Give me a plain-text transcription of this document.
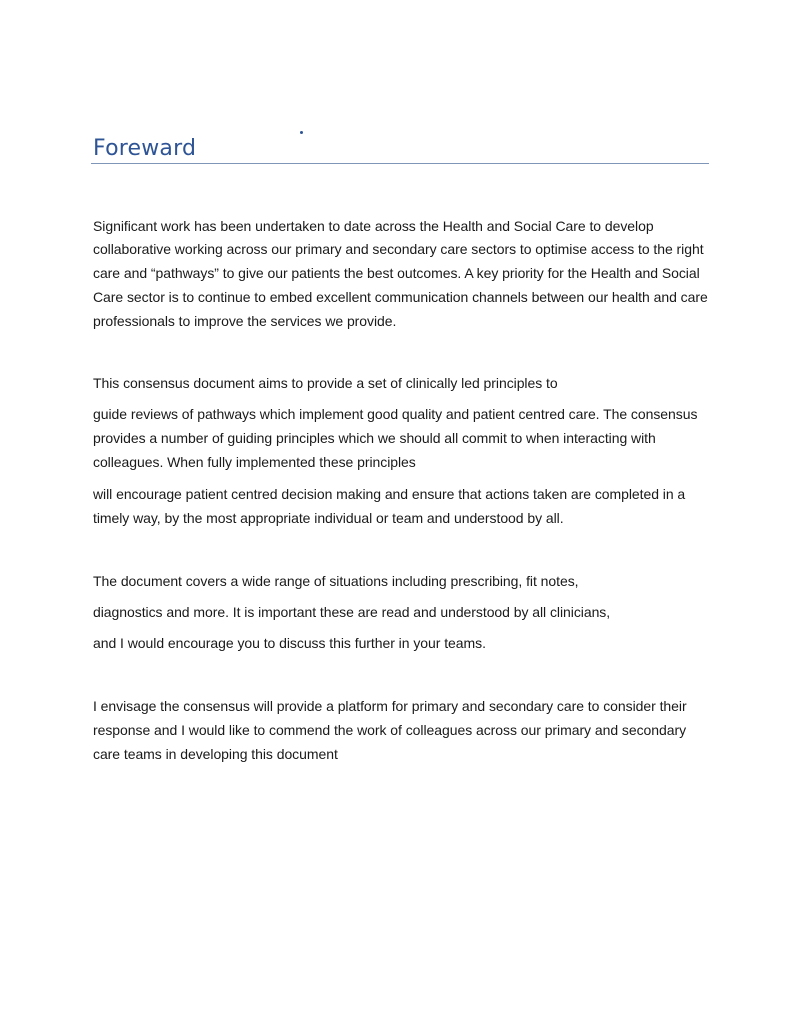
Foreward

Significant work has been undertaken to date across the Health and Social Care to develop

collaborative working across our primary and secondary care sectors to optimise access to the right

care and “pathways” to give our patients the best outcomes. A key priority for the Health and Social

Care sector is to continue to embed excellent communication channels between our health and care

professionals to improve the services we provide.

This consensus document aims to provide a set of clinically led principles to

guide reviews of pathways which implement good quality and patient centred care. The consensus

provides a number of guiding principles which we should all commit to when interacting with

colleagues. When fully implemented these principles

will encourage patient centred decision making and ensure that actions taken are completed in a

timely way, by the most appropriate individual or team and understood by all.

The document covers a wide range of situations including prescribing, fit notes,

diagnostics and more. It is important these are read and understood by all clinicians,

and I would encourage you to discuss this further in your teams.

I envisage the consensus will provide a platform for primary and secondary care to consider their

response and I would like to commend the work of colleagues across our primary and secondary

care teams in developing this document
